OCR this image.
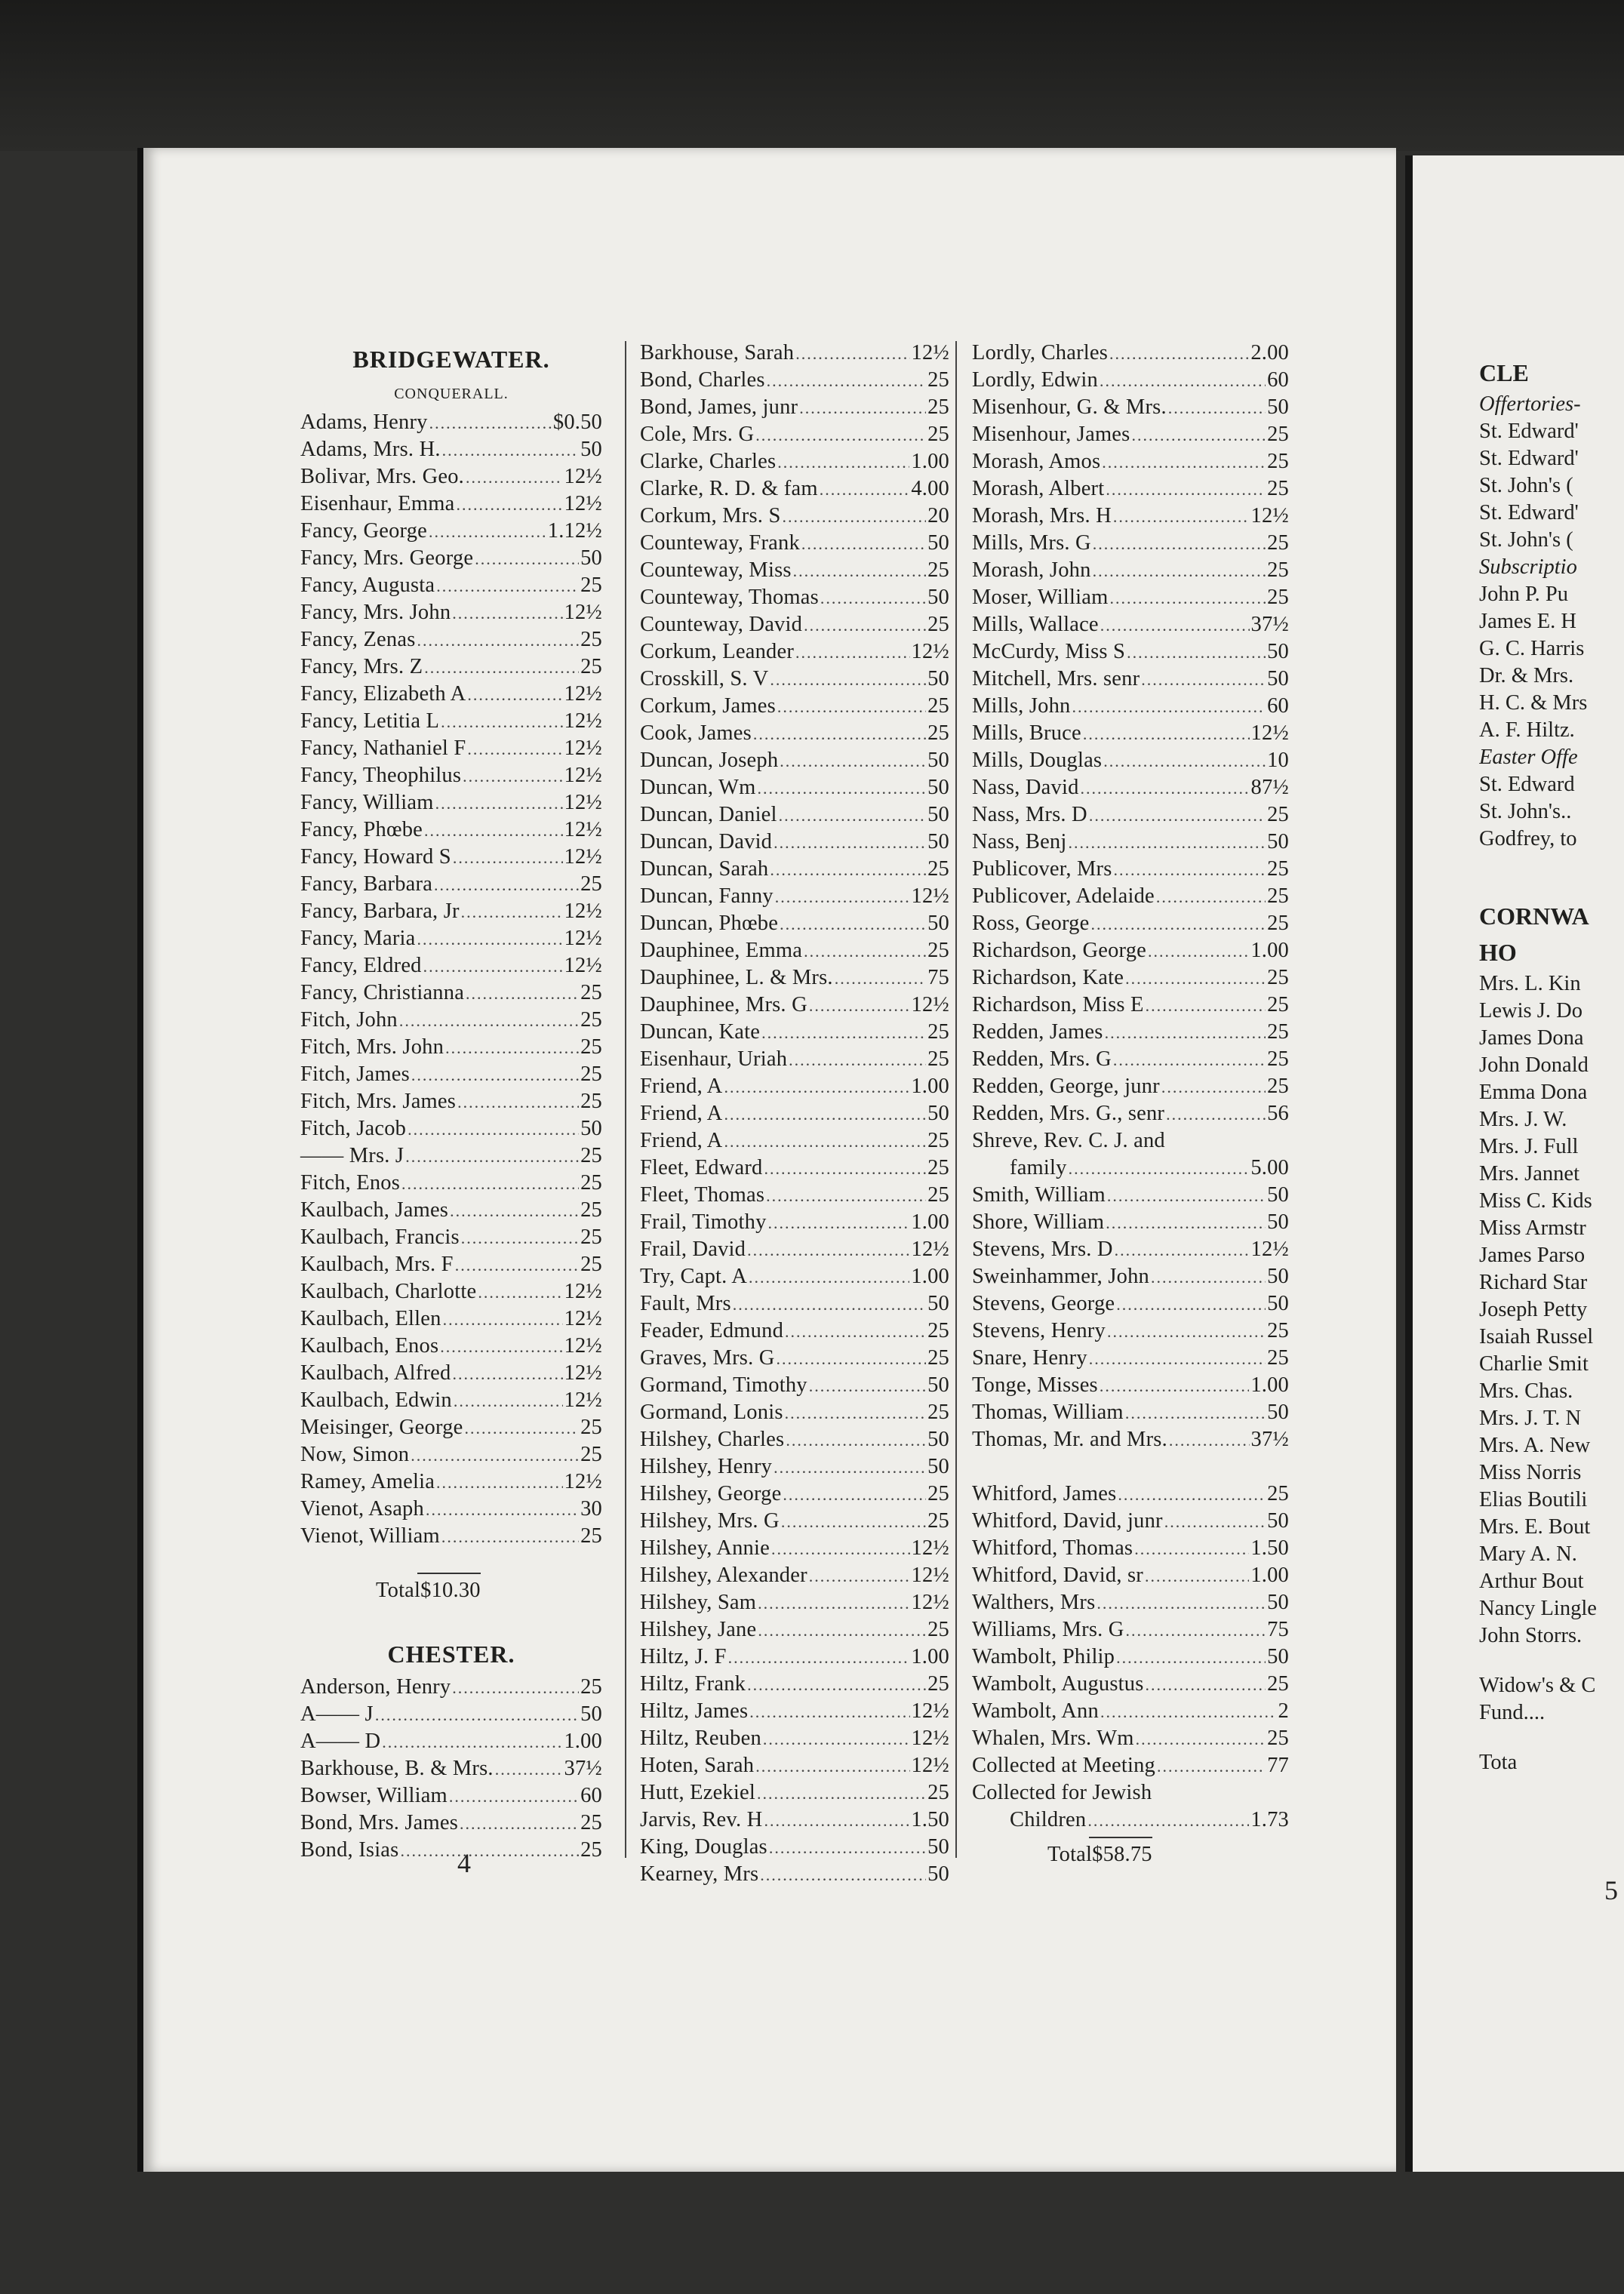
BRIDGEWATER.
CONQUERALL.
Adams, Henry .....	$0.50
Adams, Mrs. H. .....	50
Bolivar, Mrs. Geo. .....	12½
Eisenhaur, Emma .....	12½
Fancy, George .....	1.12½
Fancy, Mrs. George .....	50
Fancy, Augusta .....	25
Fancy, Mrs. John .....	12½
Fancy, Zenas .....	25
Fancy, Mrs. Z .....	25
Fancy, Elizabeth A .....	12½
Fancy, Letitia L .....	12½
Fancy, Nathaniel F .....	12½
Fancy, Theophilus .....	12½
Fancy, William .....	12½
Fancy, Phœbe .....	12½
Fancy, Howard S .....	12½
Fancy, Barbara .....	25
Fancy, Barbara, Jr .....	12½
Fancy, Maria .....	12½
Fancy, Eldred .....	12½
Fancy, Christianna .....	25
Fitch, John .....	25
Fitch, Mrs. John .....	25
Fitch, James .....	25
Fitch, Mrs. James .....	25
Fitch, Jacob .....	50
—— Mrs. J .....	25
Fitch, Enos .....	25
Kaulbach, James .....	25
Kaulbach, Francis .....	25
Kaulbach, Mrs. F .....	25
Kaulbach, Charlotte .....	12½
Kaulbach, Ellen .....	12½
Kaulbach, Enos .....	12½
Kaulbach, Alfred .....	12½
Kaulbach, Edwin .....	12½
Meisinger, George .....	25
Now, Simon .....	25
Ramey, Amelia .....	12½
Vienot, Asaph .....	30
Vienot, William .....	25
Total $10.30
CHESTER.
Anderson, Henry .....	25
A—— J .....	50
A—— D .....	1.00
Barkhouse, B. & Mrs. .....	37½
Bowser, William .....	60
Bond, Mrs. James .....	25
Bond, Isias .....	25
Barkhouse, Sarah .....	12½
Bond, Charles .....	25
Bond, James, junr .....	25
Cole, Mrs. G .....	25
Clarke, Charles .....	1.00
Clarke, R. D. & fam .....	4.00
Corkum, Mrs. S .....	20
Counteway, Frank .....	50
Counteway, Miss .....	25
Counteway, Thomas .....	50
Counteway, David .....	25
Corkum, Leander .....	12½
Crosskill, S. V .....	50
Corkum, James .....	25
Cook, James .....	25
Duncan, Joseph .....	50
Duncan, Wm .....	50
Duncan, Daniel .....	50
Duncan, David .....	50
Duncan, Sarah .....	25
Duncan, Fanny .....	12½
Duncan, Phœbe .....	50
Dauphinee, Emma .....	25
Dauphinee, L. & Mrs. .....	75
Dauphinee, Mrs. G .....	12½
Duncan, Kate .....	25
Eisenhaur, Uriah .....	25
Friend, A .....	1.00
Friend, A .....	50
Friend, A .....	25
Fleet, Edward .....	25
Fleet, Thomas .....	25
Frail, Timothy .....	1.00
Frail, David .....	12½
Try, Capt. A .....	1.00
Fault, Mrs .....	50
Feader, Edmund .....	25
Graves, Mrs. G .....	25
Gormand, Timothy .....	50
Gormand, Lonis .....	25
Hilshey, Charles .....	50
Hilshey, Henry .....	50
Hilshey, George .....	25
Hilshey, Mrs. G .....	25
Hilshey, Annie .....	12½
Hilshey, Alexander .....	12½
Hilshey, Sam .....	12½
Hilshey, Jane .....	25
Hiltz, J. F .....	1.00
Hiltz, Frank .....	25
Hiltz, James .....	12½
Hiltz, Reuben .....	12½
Hoten, Sarah .....	12½
Hutt, Ezekiel .....	25
Jarvis, Rev. H .....	1.50
King, Douglas .....	50
Kearney, Mrs .....	50
Lordly, Charles .....	2.00
Lordly, Edwin .....	60
Misenhour, G. & Mrs. .....	50
Misenhour, James .....	25
Morash, Amos .....	25
Morash, Albert .....	25
Morash, Mrs. H .....	12½
Mills, Mrs. G .....	25
Morash, John .....	25
Moser, William .....	25
Mills, Wallace .....	37½
McCurdy, Miss S .....	50
Mitchell, Mrs. senr .....	50
Mills, John .....	60
Mills, Bruce .....	12½
Mills, Douglas .....	10
Nass, David .....	87½
Nass, Mrs. D .....	25
Nass, Benj .....	50
Publicover, Mrs .....	25
Publicover, Adelaide .....	25
Ross, George .....	25
Richardson, George .....	1.00
Richardson, Kate .....	25
Richardson, Miss E .....	25
Redden, James .....	25
Redden, Mrs. G .....	25
Redden, George, junr .....	25
Redden, Mrs. G., senr .....	56
Shreve, Rev. C. J. and
family .....	5.00
Smith, William .....	50
Shore, William .....	50
Stevens, Mrs. D .....	12½
Sweinhammer, John .....	50
Stevens, George .....	50
Stevens, Henry .....	25
Snare, Henry .....	25
Tonge, Misses .....	1.00
Thomas, William .....	50
Thomas, Mr. and Mrs. .....	37½
Whitford, James .....	25
Whitford, David, junr .....	50
Whitford, Thomas .....	1.50
Whitford, David, sr .....	1.00
Walthers, Mrs .....	50
Williams, Mrs. G .....	75
Wambolt, Philip .....	50
Wambolt, Augustus .....	25
Wambolt, Ann .....	2
Whalen, Mrs. Wm .....	25
Collected at Meeting .....	77
Collected for Jewish
Children .....	1.73
Total $58.75
4
CLE
Offertories-
St. Edward'
St. Edward'
St. John's (
St. Edward'
St. John's (
Subscriptio
John P. Pu
James E. H
G. C. Harris
Dr. & Mrs.
H. C. & Mrs
A. F. Hiltz.
Easter Offe
St. Edward
St. John's..
Godfrey, to
CORNWA
HO
Mrs. L. Kin
Lewis J. Do
James Dona
John Donald
Emma Dona
Mrs. J. W.
Mrs. J. Full
Mrs. Jannet
Miss C. Kids
Miss Armstr
James Parso
Richard Star
Joseph Petty
Isaiah Russel
Charlie Smit
Mrs. Chas.
Mrs. J. T. N
Mrs. A. New
Miss Norris
Elias Boutili
Mrs. E. Bout
Mary A. N.
Arthur Bout
Nancy Lingle
John Storrs.
Widow's & C
Fund....
Tota
5
